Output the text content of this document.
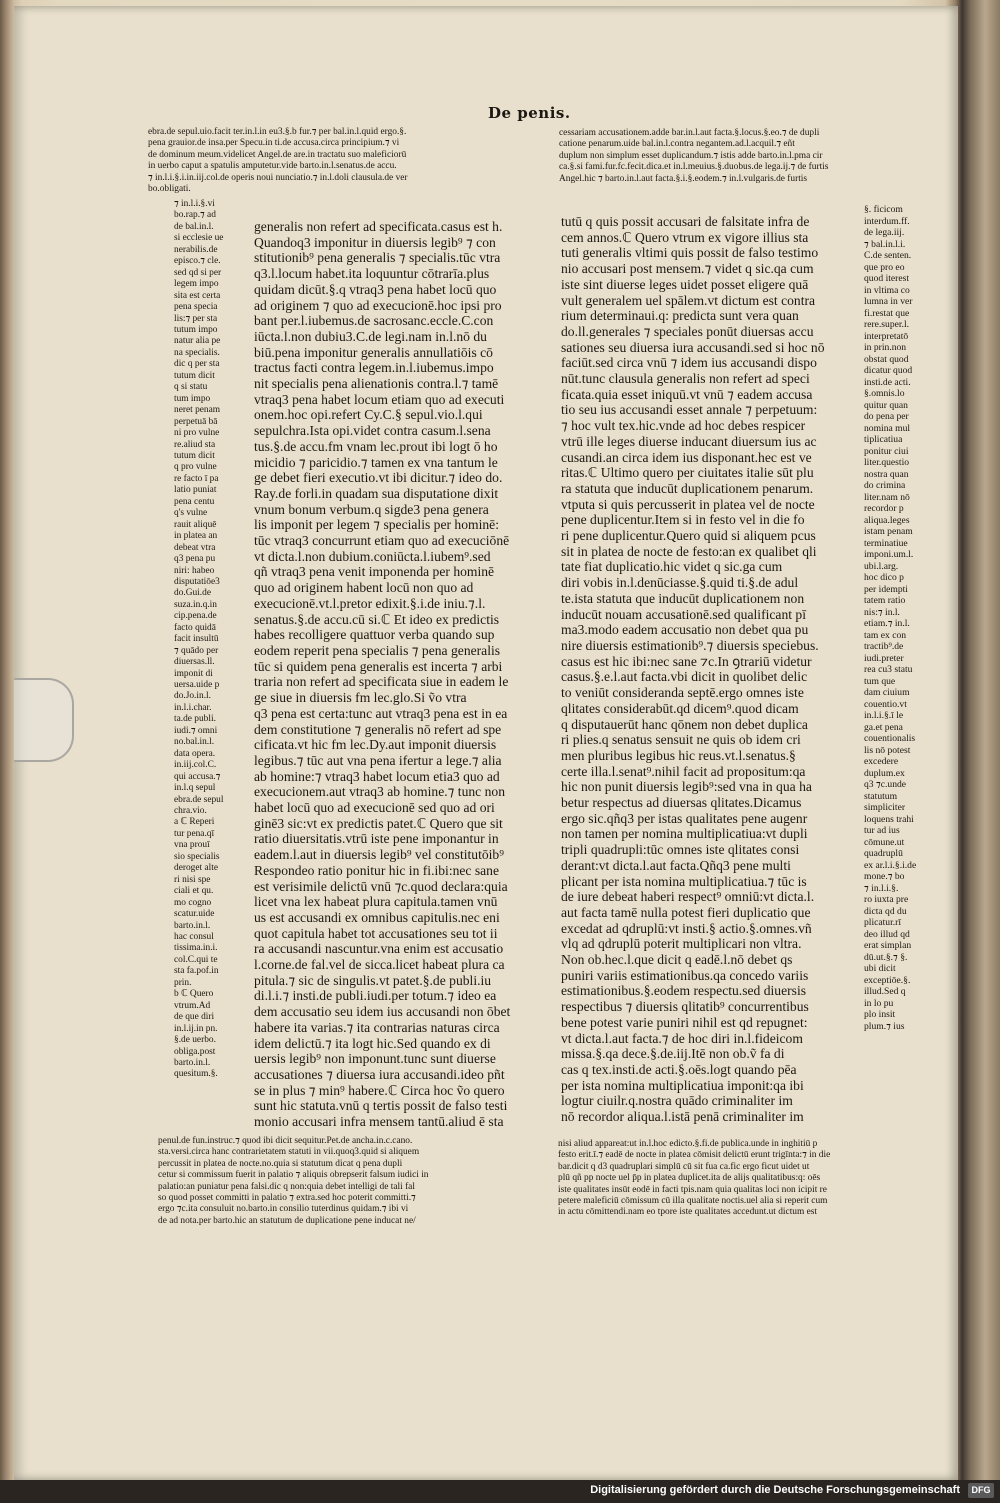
De penis.

ebra.de sepul.uio.facit ter.in.l.in eu3.§.b fur.⁊ per bal.in.l.quid ergo.§.

pena grauior.de insa.per Specu.in ti.de accusa.circa principium.⁊ vi

de dominum meum.videlicet Angel.de are.in tractatu suo maleficiorū

in uerbo caput a spatulis amputetur.vide barto.in.l.senatus.de accu.

⁊ in.l.i.§.i.in.iij.col.de operis noui nunciatio.⁊ in.l.doli clausula.de ver

bo.obligati.

cessariam accusationem.adde bar.in.l.aut facta.§.locus.§.eo.⁊ de dupli

catione penarum.uide bal.in.l.contra negantem.ad.l.acquil.⁊ eñt

duplum non simplum esset duplicandum.⁊ istis adde barto.in.l.pma cir

ca.§.si fami.fur.fc.fecit.dica.et in.l.meuius.§.duobus.de lega.ij.⁊ de furtis

Angel.hic ⁊ barto.in.l.aut facta.§.i.§.eodem.⁊ in.l.vulgaris.de furtis

⁊ in.l.i.§.vi

bo.rap.⁊ ad

de bal.in.l.

si ecclesie ue

nerabilis.de

episco.⁊ cle.

sed qd si per

legem impo

sita est certa

pena specia

lis:⁊ per sta

tutum impo

natur alia pe

na specialis.

dic q per sta

tutum dicit

q si statu

tum impo

neret penam

perpetuā bā

ni pro vulne

re.aliud sta

tutum dicit

q pro vulne

re facto ī pa

latio puniat

pena centu

q's vulne

rauit aliquē

in platea an

debeat vtra

q3 pena pu

niri: habeo

disputatiōe3

do.Gui.de

suza.in.q.in

cip.pena.de

facto quidā

facit insultū

⁊ quādo per

diuersas.ll.

imponit di

uersa.uide p

do.Jo.in.l.

in.l.i.char.

ta.de publi.

iudi.⁊ omni

no.bal.in.l.

data opera.

in.iij.col.C.

qui accusa.⁊

in.l.q sepul

ebra.de sepul

chra.vio.

a ℂ Reperi

tur pena.qī

vna prouī

sio specialis

deroget alte

ri nisi spe

ciali et qu.

mo cogno

scatur.uide

barto.in.l.

hac consul

tissima.in.i.

col.C.qui te

sta fa.pof.in

prin.

b ℂ Quero

vtrum.Ad

de que diri

in.l.ij.in pn.

§.de uerbo.

obliga.post

barto.in.l.

quesitum.§.

generalis non refert ad specificata.casus est h.

Quandoq3 imponitur in diuersis legib⁹ ⁊ con

stitutionib⁹ pena generalis ⁊ specialis.tūc vtra

q3.l.locum habet.ita loquuntur cōtrarīa.plus

quidam dicūt.§.q vtraq3 pena habet locū quo

ad originem ⁊ quo ad execucionē.hoc ipsi pro

bant per.l.iubemus.de sacrosanc.eccle.C.con

iūcta.l.non dubiu3.C.de legi.nam in.l.nō du

biū.pena imponitur generalis annullatiōis cō

tractus facti contra legem.in.l.iubemus.impo

nit specialis pena alienationis contra.l.⁊ tamē

vtraq3 pena habet locum etiam quo ad executi

onem.hoc opi.refert Cy.C.§ sepul.vio.l.qui

sepulchra.Ista opi.videt contra casum.l.sena

tus.§.de accu.fm vnam lec.prout ibi logt ō ho

micidio ⁊ paricidio.⁊ tamen ex vna tantum le

ge debet fieri executio.vt ibi dicitur.⁊ ideo do.

Ray.de forli.in quadam sua disputatione dixit

vnum bonum verbum.q sigde3 pena genera

lis imponit per legem ⁊ specialis per hominē:

tūc vtraq3 concurrunt etiam quo ad execuciōnē

vt dicta.l.non dubium.coniūcta.l.iubem⁹.sed

qñ vtraq3 pena venit imponenda per hominē

quo ad originem habent locū non quo ad

execucionē.vt.l.pretor edixit.§.i.de iniu.⁊.l.

senatus.§.de accu.cū si.ℂ Et ideo ex predictis

habes recolligere quattuor verba quando sup

eodem reperit pena specialis ⁊ pena generalis

tūc si quidem pena generalis est incerta ⁊ arbi

traria non refert ad specificata siue in eadem le

ge siue in diuersis fm lec.glo.Si ṽo vtra

q3 pena est certa:tunc aut vtraq3 pena est in ea

dem constitutione ⁊ generalis nō refert ad spe

cificata.vt hic fm lec.Dy.aut imponit diuersis

legibus.⁊ tūc aut vna pena ifertur a lege.⁊ alia

ab homine:⁊ vtraq3 habet locum etia3 quo ad

execucionem.aut vtraq3 ab homine.⁊ tunc non

habet locū quo ad execucionē sed quo ad ori

ginē3 sic:vt ex predictis patet.ℂ Quero que sit

ratio diuersitatis.vtrū iste pene imponantur in

eadem.l.aut in diuersis legib⁹ vel constitutōib⁹

Respondeo ratio ponitur hic in fi.ibi:nec sane

est verisimile delictū vnū ⁊c.quod declara:quia

licet vna lex habeat plura capitula.tamen vnū

us est accusandi ex omnibus capitulis.nec eni

quot capitula habet tot accusationes seu tot ii

ra accusandi nascuntur.vna enim est accusatio

l.corne.de fal.vel de sicca.licet habeat plura ca

pitula.⁊ sic de singulis.vt patet.§.de publi.iu

di.l.i.⁊ insti.de publi.iudi.per totum.⁊ ideo ea

dem accusatio seu idem ius accusandi non ōbet

habere ita varias.⁊ ita contrarias naturas circa

idem delictū.⁊ ita logt hic.Sed quando ex di

uersis legib⁹ non imponunt.tunc sunt diuerse

accusationes ⁊ diuersa iura accusandi.ideo pñt

se in plus ⁊ min⁹ habere.ℂ Circa hoc ṽo quero

sunt hic statuta.vnū q tertis possit de falso testi

monio accusari infra mensem tantū.aliud ē sta

tutū q quis possit accusari de falsitate infra de

cem annos.ℂ Quero vtrum ex vigore illius sta

tuti generalis vltimi quis possit de falso testimo

nio accusari post mensem.⁊ videt q sic.qa cum

iste sint diuerse leges uidet posset eligere quā

vult generalem uel spālem.vt dictum est contra

rium determinaui.q: predicta sunt vera quan

do.ll.generales ⁊ speciales ponūt diuersas accu

sationes seu diuersa iura accusandi.sed si hoc nō

faciūt.sed circa vnū ⁊ idem ius accusandi dispo

nūt.tunc clausula generalis non refert ad speci

ficata.quia esset iniquū.vt vnū ⁊ eadem accusa

tio seu ius accusandi esset annale ⁊ perpetuum:

⁊ hoc vult tex.hic.vnde ad hoc debes respicer

vtrū ille leges diuerse inducant diuersum ius ac

cusandi.an circa idem ius disponant.hec est ve

ritas.ℂ Ultimo quero per ciuitates italie sūt plu

ra statuta que inducūt duplicationem penarum.

vtputa si quis percusserit in platea vel de nocte

pene duplicentur.Item si in festo vel in die fo

ri pene duplicentur.Quero quid si aliquem pcus

sit in platea de nocte de festo:an ex qualibet qli

tate fiat duplicatio.hic videt q sic.ga cum

diri vobis in.l.denūciasse.§.quid ti.§.de adul

te.ista statuta que inducūt duplicationem non

inducūt nouam accusationē.sed qualificant pī

ma3.modo eadem accusatio non debet qua pu

nire diuersis estimationib⁹.⁊ diuersis speciebus.

casus est hic ibi:nec sane ⁊c.In ꝯtrariū videtur

casus.§.e.l.aut facta.vbi dicit in quolibet delic

to veniūt consideranda septē.ergo omnes iste

qlitates considerabūt.qd dicem⁹.quod dicam

q disputauerūt hanc qōnem non debet duplica

ri plies.q senatus sensuit ne quis ob idem cri

men pluribus legibus hic reus.vt.l.senatus.§

certe illa.l.senat⁹.nihil facit ad propositum:qa

hic non punit diuersis legib⁹:sed vna in qua ha

betur respectus ad diuersas qlitates.Dicamus

ergo sic.qñq3 per istas qualitates pene augenr

non tamen per nomina multiplicatiua:vt dupli

tripli quadrupli:tūc omnes iste qlitates consi

derant:vt dicta.l.aut facta.Qñq3 pene multi

plicant per ista nomina multiplicatiua.⁊ tūc is

de iure debeat haberi respect⁹ omniū:vt dicta.l.

aut facta tamē nulla potest fieri duplicatio que

excedat ad qdruplū:vt insti.§ actio.§.omnes.vñ

vlq ad qdruplū poterit multiplicari non vltra.

Non ob.hec.l.que dicit q eadē.l.nō debet qs

puniri variis estimationibus.qa concedo variis

estimationibus.§.eodem respectu.sed diuersis

respectibus ⁊ diuersis qlitatib⁹ concurrentibus

bene potest varie puniri nihil est qd repugnet:

vt dicta.l.aut facta.⁊ de hoc diri in.l.fideicom

missa.§.qa dece.§.de.iij.Itē non ob.ṽ fa di

cas q tex.insti.de acti.§.oēs.logt quando pēa

per ista nomina multiplicatiua imponit:qa ibi

logtur ciuilr.q.nostra quādo criminaliter im

nō recordor aliqua.l.istā penā criminaliter im

§. ficicom

interdum.ff.

de lega.iij.

⁊ bal.in.l.i.

C.de senten.

que pro eo

quod iterest

in vltima co

lumna in ver

fi.restat que

rere.super.l.

interpretatō

in prin.non

obstat quod

dicatur quod

insti.de acti.

§.omnis.lo

quitur quan

do pena per

nomina mul

tiplicatiua

ponitur ciui

liter.questio

nostra quan

do crimina

liter.nam nō

recordor p

aliqua.leges

istam penam

terminatiue

imponi.um.l.

ubi.l.arg.

hoc dico p

per idempti

tatem ratio

nis:⁊ in.l.

etiam.⁊ in.l.

tam ex con

tractib⁹.de

iudi.preter

rea cu3 statu

tum que

dam ciuium

couentio.vt

in.l.i.§.ī le

ga.et pena

couentionalis

lis nō potest

excedere

duplum.ex

q3 ⁊c.unde

statutum

simpliciter

loquens trahi

tur ad ius

cōmune.ut

quadruplū

ex ar.l.i.§.i.de

mone.⁊ bo

⁊ in.l.i.§.

ro iuxta pre

dicta qd du

plicatur.rī

deo illud qd

erat simplan

dū.ut.§.⁊ §.

ubi dicit

exceptiōe.§.

illud.Sed q

in lo pu

plo insit

plum.⁊ ius

penul.de fun.instruc.⁊ quod ibi dicit sequitur.Pet.de ancha.in.c.cano.

sta.versi.circa hanc contrarietatem statuti in vii.quoq3.quid si aliquem

percussit in platea de nocte.no.quia si statutum dicat q pena dupli

cetur si commissum fuerit in palatio ⁊ aliquis obrepserit falsum iudici in

palatio:an puniatur pena falsi.dic q non:quia debet intelligi de tali fal

so quod posset committi in palatio ⁊ extra.sed hoc poterit committi.⁊

ergo ⁊c.ita consuluit no.barto.in consilio tuterdinus quidam.⁊ ibi vi

de ad nota.per barto.hic an statutum de duplicatione pene inducat ne/

nisi aliud appareat:ut in.l.hoc edicto.§.fi.de publica.unde in inghitiū p

festo erit.ī.⁊ eadē de nocte in platea cōmisit delictū erunt trigīnta:⁊ in die

bar.dicit q d3 quadruplari simplū cū sit fua ca.fic ergo ficut uidet ut

plū qñ pp nocte uel p̄p in platea duplicet.ita de alijs qualitatibus:q: oēs

iste qualitates insūt eodē in facti tpis.nam quia qualitas loci non icipit re

petere maleficiū cōmissum cū illa qualitate noctis.uel alia si reperit cum

in actu cōmittendi.nam eo tpore iste qualitates accedunt.ut dictum est

Digitalisierung gefördert durch die Deutsche Forschungsgemeinschaft	DFG
